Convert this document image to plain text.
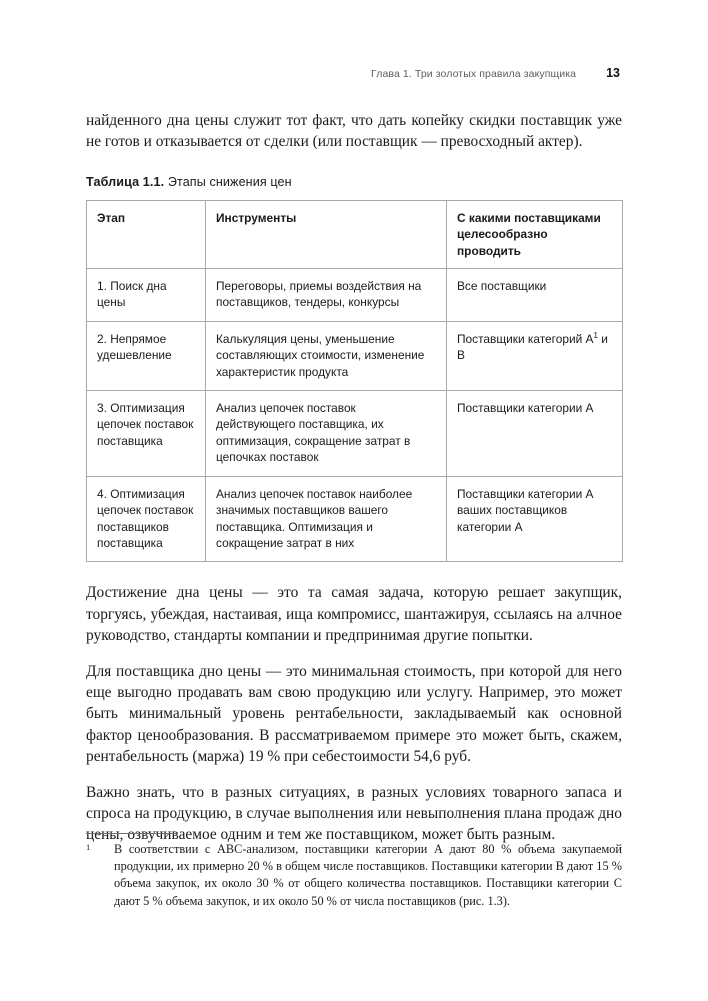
Глава 1. Три золотых правила закупщика 13

найденного дна цены служит тот факт, что дать копейку скидки поставщик уже не готов и отказывается от сделки (или поставщик — превосходный актер).

Таблица 1.1. Этапы снижения цен
Этап	Инструменты	С какими поставщиками
целесообразно
проводить

1. Поиск дна цены	Переговоры, приемы воздействия на поставщиков, тендеры, конкурсы	Все поставщики
2. Непрямое удешевление	Калькуляция цены, уменьшение составляющих стоимости, изменение характеристик продукта	Поставщики категорий А$^1$ и В
3. Оптимизация цепочек поставок поставщика	Анализ цепочек поставок действующего поставщика, их оптимизация, сокращение затрат в цепочках поставок	Поставщики категории А
4. Оптимизация цепочек поставок поставщиков поставщика	Анализ цепочек поставок наиболее значимых поставщиков вашего поставщика. Оптимизация и сокращение затрат в них	Поставщики категории А ваших поставщиков категории А

Достижение дна цены — это та самая задача, которую решает закупщик, торгуясь, убеждая, настаивая, ища компромисс, шантажируя, ссылаясь на алчное руководство, стандарты компании и предпринимая другие попытки.

Для поставщика дно цены — это минимальная стоимость, при которой для него еще выгодно продавать вам свою продукцию или услугу. Например, это может быть минимальный уровень рентабельности, закладываемый как основной фактор ценообразования. В рассматриваемом примере это может быть, скажем, рентабельность (маржа) 19 % при себестоимости 54,6 руб.

Важно знать, что в разных ситуациях, в разных условиях товарного запаса и спроса на продукцию, в случае выполнения или невыполнения плана продаж дно цены, озвучиваемое одним и тем же поставщиком, может быть разным.

1 В соответствии с ABC-анализом, поставщики категории А дают 80 % объема закупаемой продукции, их примерно 20 % в общем числе поставщиков. Поставщики категории В дают 15 % объема закупок, их около 30 % от общего количества поставщиков. Поставщики категории С дают 5 % объема закупок, и их около 50 % от числа поставщиков (рис. 1.3).
